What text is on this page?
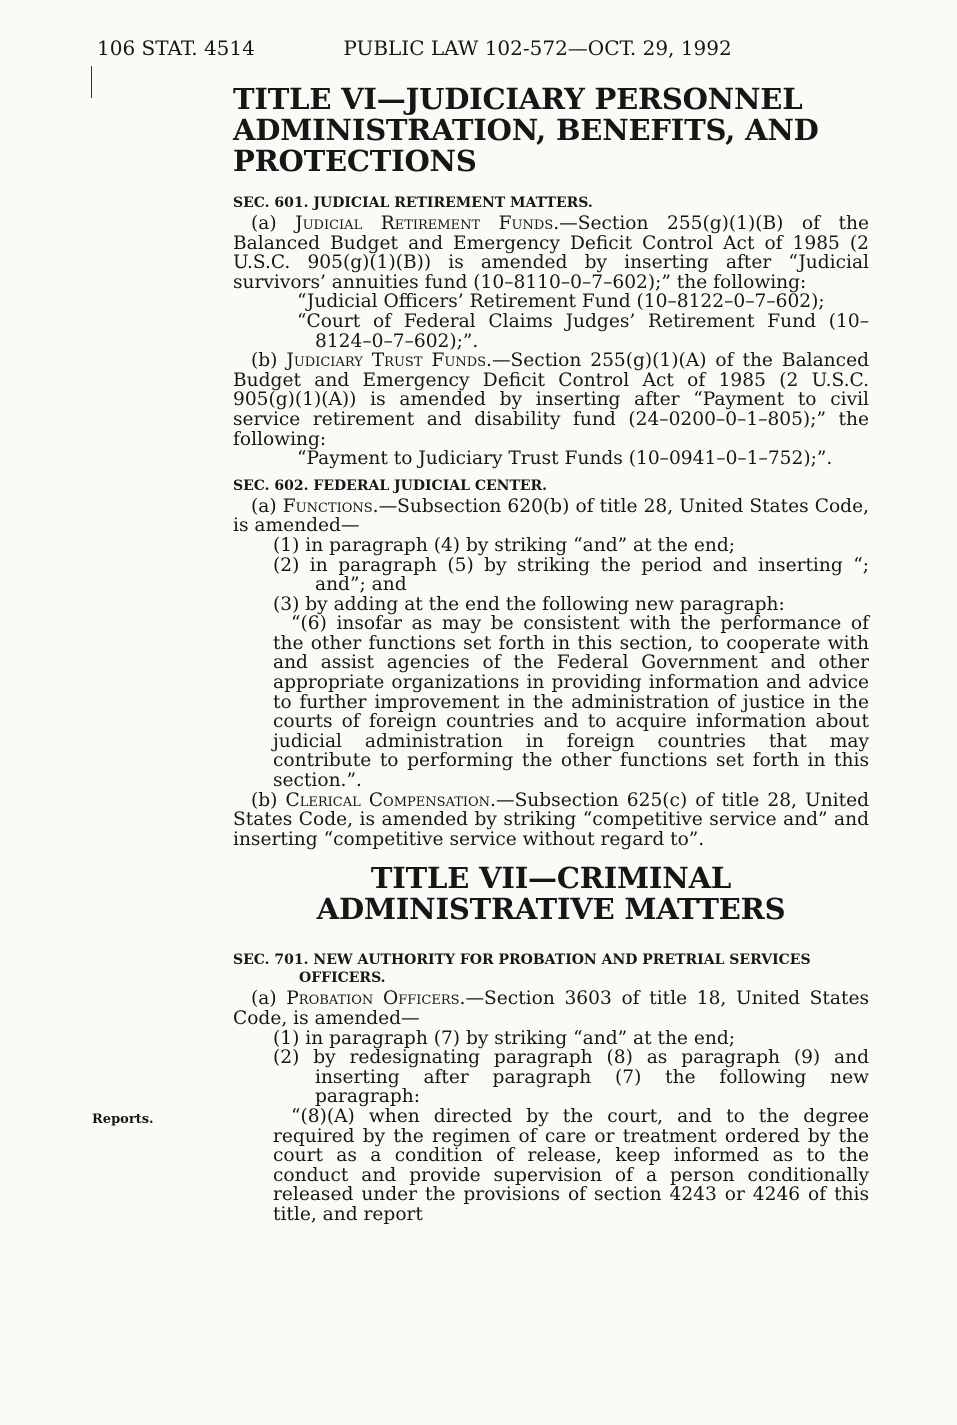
106 STAT. 4514	PUBLIC LAW 102-572—OCT. 29, 1992
TITLE VI—JUDICIARY PERSONNEL ADMINISTRATION, BENEFITS, AND PROTECTIONS
SEC. 601. JUDICIAL RETIREMENT MATTERS.

(a) Judicial Retirement Funds.—Section 255(g)(1)(B) of the Balanced Budget and Emergency Deficit Control Act of 1985 (2 U.S.C. 905(g)(1)(B)) is amended by inserting after “Judicial survivors’ annuities fund (10–8110–0–7–602);” the following:

“Judicial Officers’ Retirement Fund (10–8122–0–7–602);

“Court of Federal Claims Judges’ Retirement Fund (10–8124–0–7–602);”.

(b) Judiciary Trust Funds.—Section 255(g)(1)(A) of the Balanced Budget and Emergency Deficit Control Act of 1985 (2 U.S.C. 905(g)(1)(A)) is amended by inserting after “Payment to civil service retirement and disability fund (24–0200–0–1–805);” the following:

“Payment to Judiciary Trust Funds (10–0941–0–1–752);”.

SEC. 602. FEDERAL JUDICIAL CENTER.

(a) Functions.—Subsection 620(b) of title 28, United States Code, is amended—

(1) in paragraph (4) by striking “and” at the end;

(2) in paragraph (5) by striking the period and inserting “; and”; and

(3) by adding at the end the following new paragraph:

“(6) insofar as may be consistent with the performance of the other functions set forth in this section, to cooperate with and assist agencies of the Federal Government and other appropriate organizations in providing information and advice to further improvement in the administration of justice in the courts of foreign countries and to acquire information about judicial administration in foreign countries that may contribute to performing the other functions set forth in this section.”.

(b) Clerical Compensation.—Subsection 625(c) of title 28, United States Code, is amended by striking “competitive service and” and inserting “competitive service without regard to”.

TITLE VII—CRIMINAL ADMINISTRATIVE MATTERS
SEC. 701. NEW AUTHORITY FOR PROBATION AND PRETRIAL SERVICES OFFICERS.

(a) Probation Officers.—Section 3603 of title 18, United States Code, is amended—

(1) in paragraph (7) by striking “and” at the end;

(2) by redesignating paragraph (8) as paragraph (9) and inserting after paragraph (7) the following new paragraph:

“(8)(A) when directed by the court, and to the degree required by the regimen of care or treatment ordered by the court as a condition of release, keep informed as to the conduct and provide supervision of a person conditionally released under the provisions of section 4243 or 4246 of this title, and report

Reports.
